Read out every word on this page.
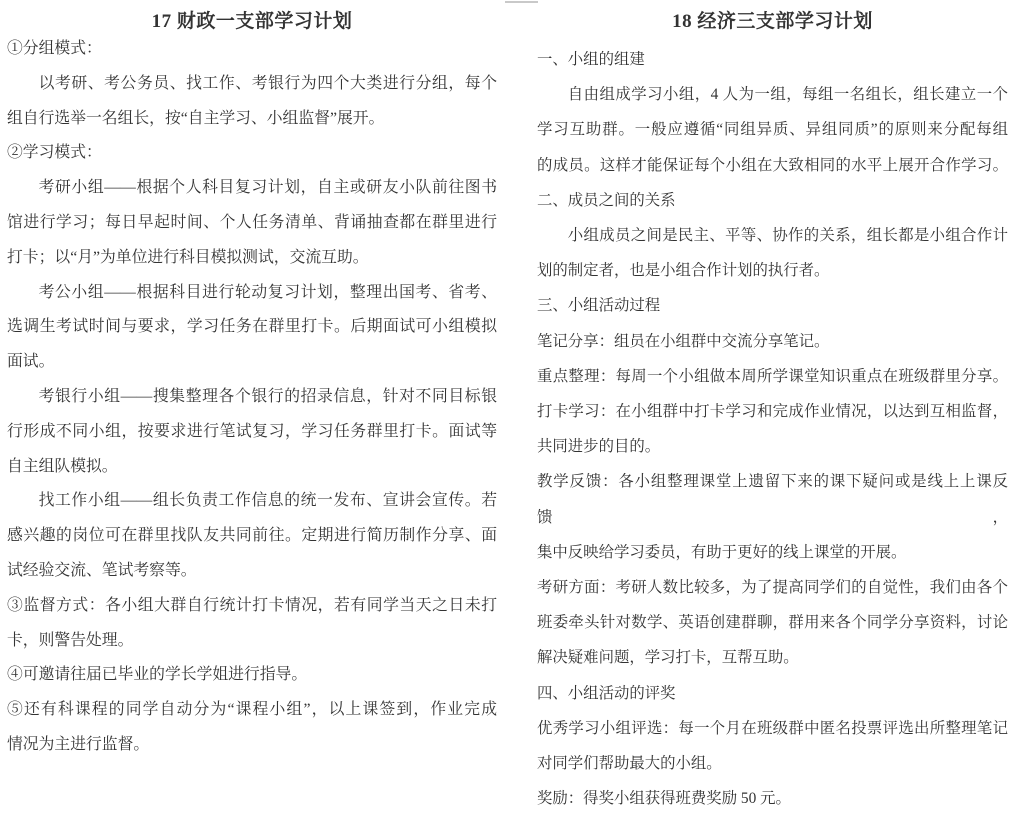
17 财政一支部学习计划
①分组模式：
以考研、考公务员、找工作、考银行为四个大类进行分组，每个
组自行选举一名组长，按“自主学习、小组监督”展开。
②学习模式：
考研小组——根据个人科目复习计划，自主或研友小队前往图书
馆进行学习；每日早起时间、个人任务清单、背诵抽查都在群里进行
打卡；以“月”为单位进行科目模拟测试，交流互助。
考公小组——根据科目进行轮动复习计划，整理出国考、省考、
选调生考试时间与要求，学习任务在群里打卡。后期面试可小组模拟
面试。
考银行小组——搜集整理各个银行的招录信息，针对不同目标银
行形成不同小组，按要求进行笔试复习，学习任务群里打卡。面试等
自主组队模拟。
找工作小组——组长负责工作信息的统一发布、宣讲会宣传。若
感兴趣的岗位可在群里找队友共同前往。定期进行简历制作分享、面
试经验交流、笔试考察等。
③监督方式：各小组大群自行统计打卡情况，若有同学当天之日未打
卡，则警告处理。
④可邀请往届已毕业的学长学姐进行指导。
⑤还有科课程的同学自动分为“课程小组”，以上课签到，作业完成
情况为主进行监督。
18 经济三支部学习计划
一、小组的组建
自由组成学习小组，4 人为一组，每组一名组长，组长建立一个
学习互助群。一般应遵循“同组异质、异组同质”的原则来分配每组
的成员。这样才能保证每个小组在大致相同的水平上展开合作学习。
二、成员之间的关系
小组成员之间是民主、平等、协作的关系，组长都是小组合作计
划的制定者，也是小组合作计划的执行者。
三、小组活动过程
笔记分享：组员在小组群中交流分享笔记。
重点整理：每周一个小组做本周所学课堂知识重点在班级群里分享。
打卡学习：在小组群中打卡学习和完成作业情况，以达到互相监督，
共同进步的目的。
教学反馈：各小组整理课堂上遗留下来的课下疑问或是线上上课反馈，
集中反映给学习委员，有助于更好的线上课堂的开展。
考研方面：考研人数比较多，为了提高同学们的自觉性，我们由各个
班委牵头针对数学、英语创建群聊，群用来各个同学分享资料，讨论
解决疑难问题，学习打卡，互帮互助。
四、小组活动的评奖
优秀学习小组评选：每一个月在班级群中匿名投票评选出所整理笔记
对同学们帮助最大的小组。
奖励：得奖小组获得班费奖励 50 元。
